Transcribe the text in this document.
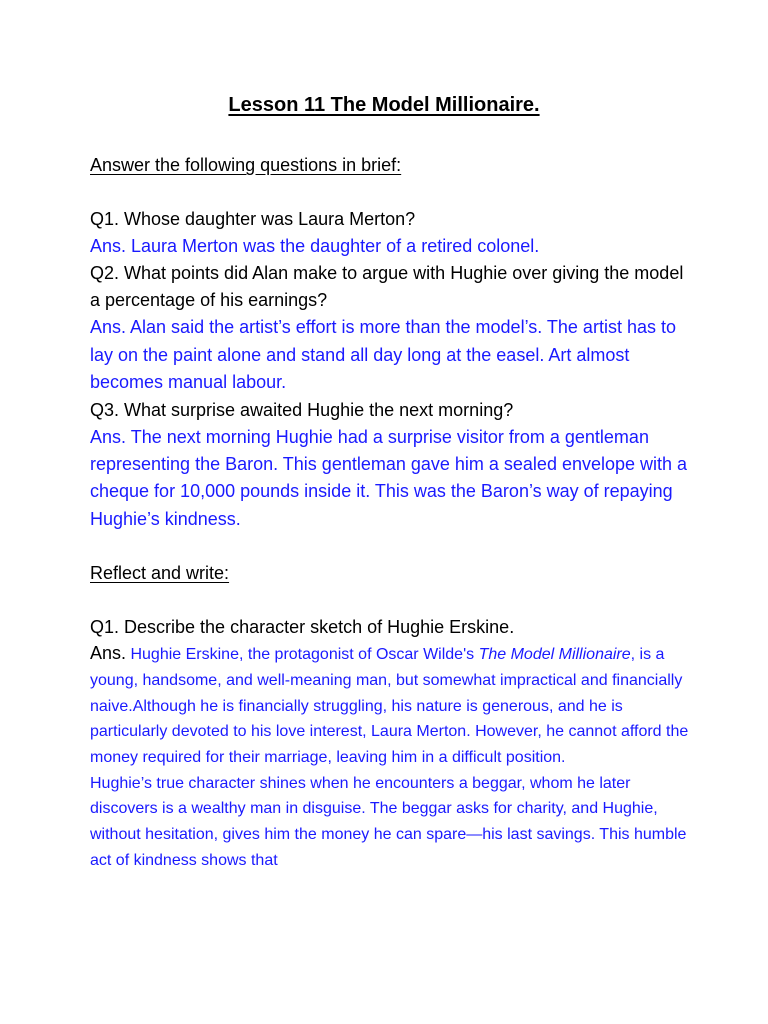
Lesson 11 The Model Millionaire.

Answer the following questions in brief:

Q1. Whose daughter was Laura Merton?

Ans. Laura Merton was the daughter of a retired colonel.

Q2. What points did Alan make to argue with Hughie over giving the model a percentage of his earnings?

Ans. Alan said the artist’s effort is more than the model’s. The artist has to lay on the paint alone and stand all day long at the easel. Art almost becomes manual labour.

Q3. What surprise awaited Hughie the next morning?

Ans. The next morning Hughie had a surprise visitor from a gentleman representing the Baron. This gentleman gave him a sealed envelope with a cheque for 10,000 pounds inside it. This was the Baron’s way of repaying Hughie’s kindness.

Reflect and write:

Q1. Describe the character sketch of Hughie Erskine.

Ans. Hughie Erskine, the protagonist of Oscar Wilde's The Model Millionaire, is a young, handsome, and well-meaning man, but somewhat impractical and financially naive.Although he is financially struggling, his nature is generous, and he is particularly devoted to his love interest, Laura Merton. However, he cannot afford the money required for their marriage, leaving him in a difficult position.

Hughie’s true character shines when he encounters a beggar, whom he later discovers is a wealthy man in disguise. The beggar asks for charity, and Hughie, without hesitation, gives him the money he can spare—his last savings. This humble act of kindness shows that
